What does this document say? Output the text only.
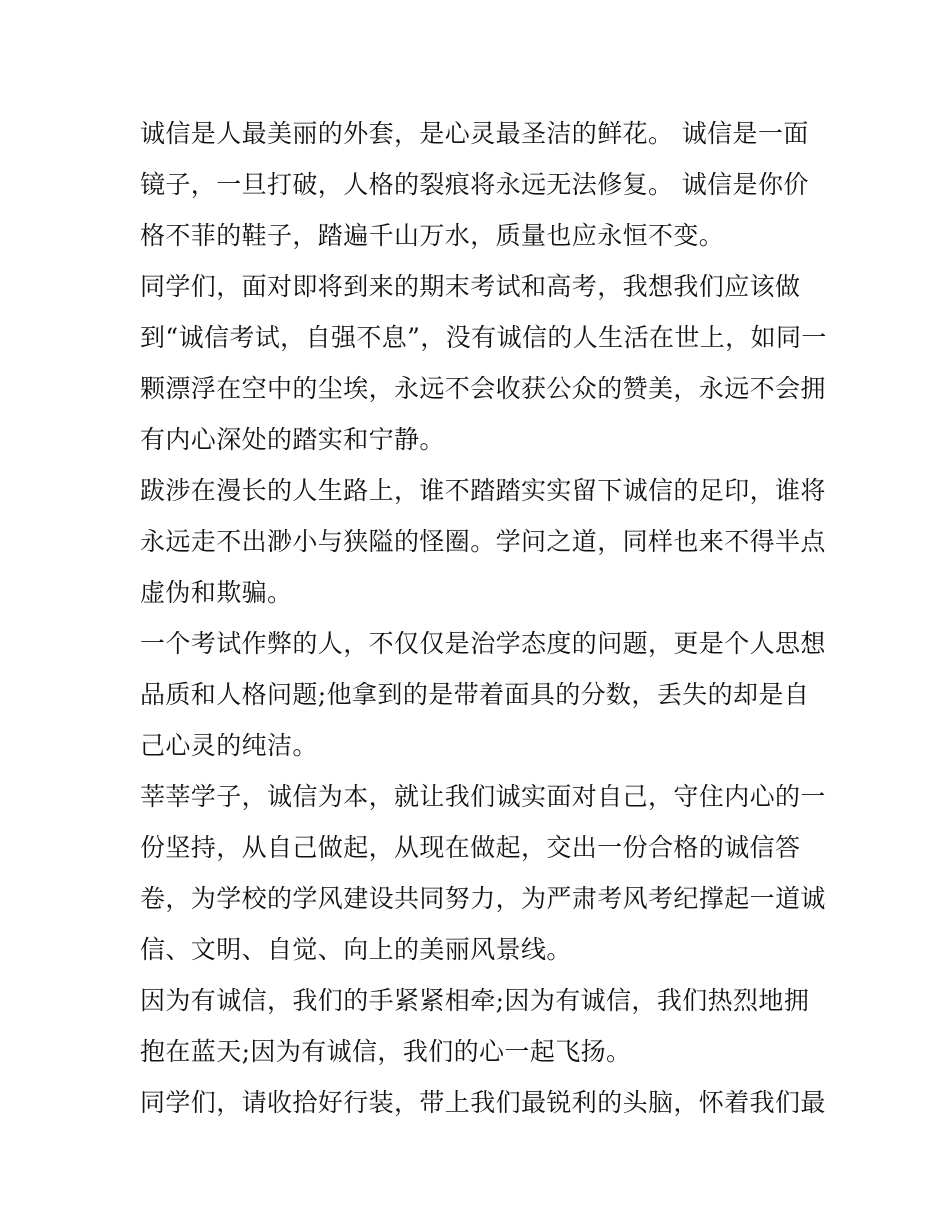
诚信是人最美丽的外套，是心灵最圣洁的鲜花。 诚信是一面
镜子，一旦打破，人格的裂痕将永远无法修复。 诚信是你价
格不菲的鞋子，踏遍千山万水，质量也应永恒不变。
同学们，面对即将到来的期末考试和高考，我想我们应该做
到“诚信考试，自强不息”，没有诚信的人生活在世上，如同一
颗漂浮在空中的尘埃，永远不会收获公众的赞美，永远不会拥
有内心深处的踏实和宁静。
跋涉在漫长的人生路上，谁不踏踏实实留下诚信的足印，谁将
永远走不出渺小与狭隘的怪圈。学问之道，同样也来不得半点
虚伪和欺骗。
一个考试作弊的人，不仅仅是治学态度的问题，更是个人思想
品质和人格问题;他拿到的是带着面具的分数，丢失的却是自
己心灵的纯洁。
莘莘学子，诚信为本，就让我们诚实面对自己，守住内心的一
份坚持，从自己做起，从现在做起，交出一份合格的诚信答
卷，为学校的学风建设共同努力，为严肃考风考纪撑起一道诚
信、文明、自觉、向上的美丽风景线。
因为有诚信，我们的手紧紧相牵;因为有诚信，我们热烈地拥
抱在蓝天;因为有诚信，我们的心一起飞扬。
同学们，请收拾好行装，带上我们最锐利的头脑，怀着我们最
